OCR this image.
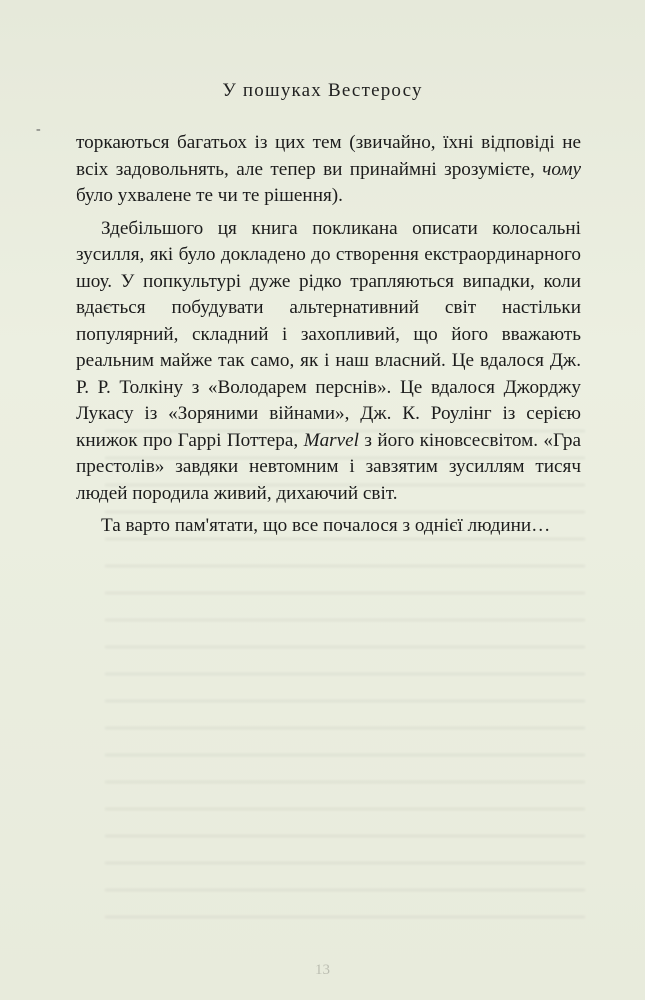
У пошуках Вестеросу
-

торкаються багатьох із цих тем (звичайно, їхні відповіді не всіх задовольнять, але тепер ви принаймні зрозумієте, чому було ухвалене те чи те рішення).

Здебільшого ця книга покликана описати колосальні зусилля, які було докладено до створення екстраординарного шоу. У попкультурі дуже рідко трапляються випадки, коли вдається побудувати альтернативний світ настільки популярний, складний і захопливий, що його вважають реальним майже так само, як і наш власний. Це вдалося Дж. Р. Р. Толкіну з «Володарем перснів». Це вдалося Джорджу Лукасу із «Зоряними війнами», Дж. К. Роулінг із серією книжок про Гаррі Поттера, Marvel з його кіновсесвітом. «Гра престолів» завдяки невтомним і завзятим зусиллям тисяч людей породила живий, дихаючий світ.

Та варто пам'ятати, що все почалося з однієї людини…

13
